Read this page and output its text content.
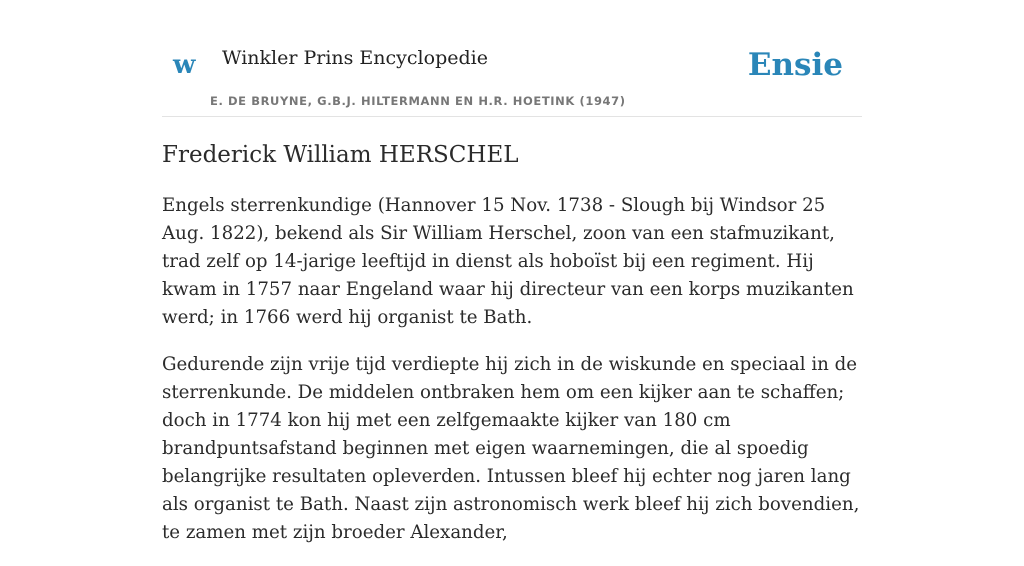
w Winkler Prins Encyclopedie
E. DE BRUYNE, G.B.J. HILTERMANN EN H.R. HOETINK (1947)
Ensie
Frederick William HERSCHEL

Engels sterrenkundige (Hannover 15 Nov. 1738 - Slough bij Windsor 25 Aug. 1822), bekend als Sir William Herschel, zoon van een stafmuzikant, trad zelf op 14-jarige leeftijd in dienst als hoboïst bij een regiment. Hij kwam in 1757 naar Engeland waar hij directeur van een korps muzikanten werd; in 1766 werd hij organist te Bath.

Gedurende zijn vrije tijd verdiepte hij zich in de wiskunde en speciaal in de sterrenkunde. De middelen ontbraken hem om een kijker aan te schaffen; doch in 1774 kon hij met een zelfgemaakte kijker van 180 cm brandpuntsafstand beginnen met eigen waarnemingen, die al spoedig belangrijke resultaten opleverden. Intussen bleef hij echter nog jaren lang als organist te Bath. Naast zijn astronomisch werk bleef hij zich bovendien, te zamen met zijn broeder Alexander,
